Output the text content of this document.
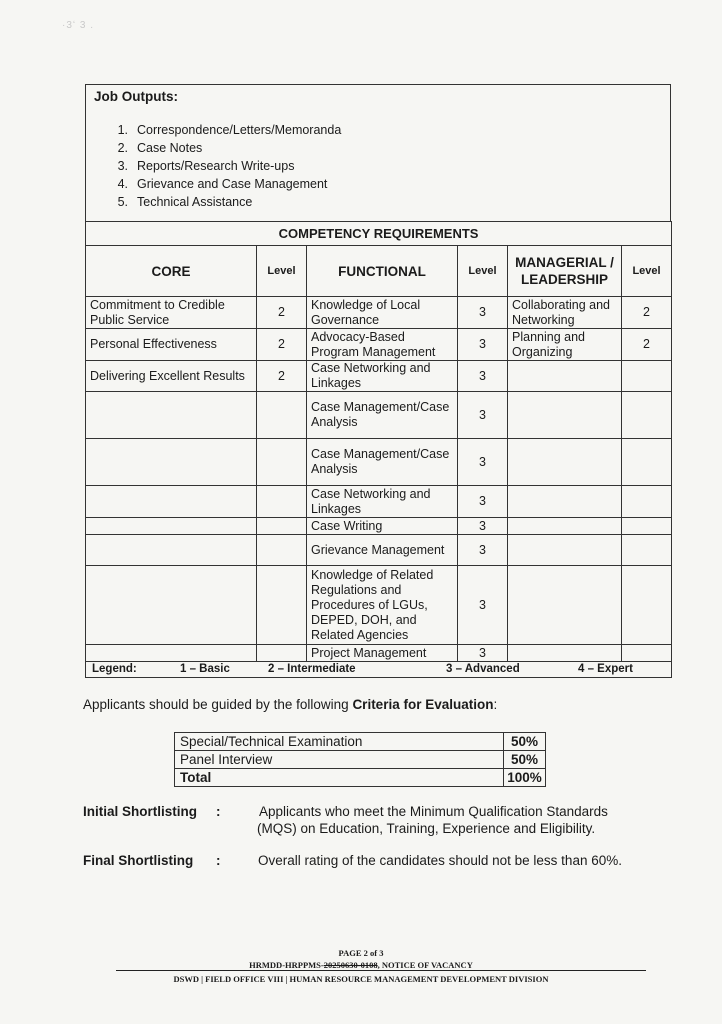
·3ʻ 3 .
Job Outputs:
1. Correspondence/Letters/Memoranda
2. Case Notes
3. Reports/Research Write-ups
4. Grievance and Case Management
5. Technical Assistance
COMPETENCY REQUIREMENTS					
CORE	Level	FUNCTIONAL	Level	MANAGERIAL / LEADERSHIP	Level
Commitment to Credible Public Service	2	Knowledge of Local Governance	3	Collaborating and Networking	2
Personal Effectiveness	2	Advocacy-Based Program Management	3	Planning and Organizing	2
Delivering Excellent Results	2	Case Networking and Linkages	3		
		Case Management/Case Analysis	3		
		Case Management/Case Analysis	3		
		Case Networking and Linkages	3		
		Case Writing	3		
		Grievance Management	3		
		Knowledge of Related Regulations and Procedures of LGUs, DEPED, DOH, and Related Agencies	3		
		Project Management	3		

Legend: 1 – Basic 2 – Intermediate 3 – Advanced 4 – Expert					
Applicants should be guided by the following Criteria for Evaluation:
Special/Technical Examination	50%
Panel Interview	50%
Total	100%
Initial Shortlisting :	Applicants who meet the Minimum Qualification Standards (MQS) on Education, Training, Experience and Eligibility.
Final Shortlisting :	Overall rating of the candidates should not be less than 60%.
PAGE 2 of 3
HRMDD-HRPPMS-20250630-0108, NOTICE OF VACANCY
DSWD | FIELD OFFICE VIII | HUMAN RESOURCE MANAGEMENT DEVELOPMENT DIVISION
